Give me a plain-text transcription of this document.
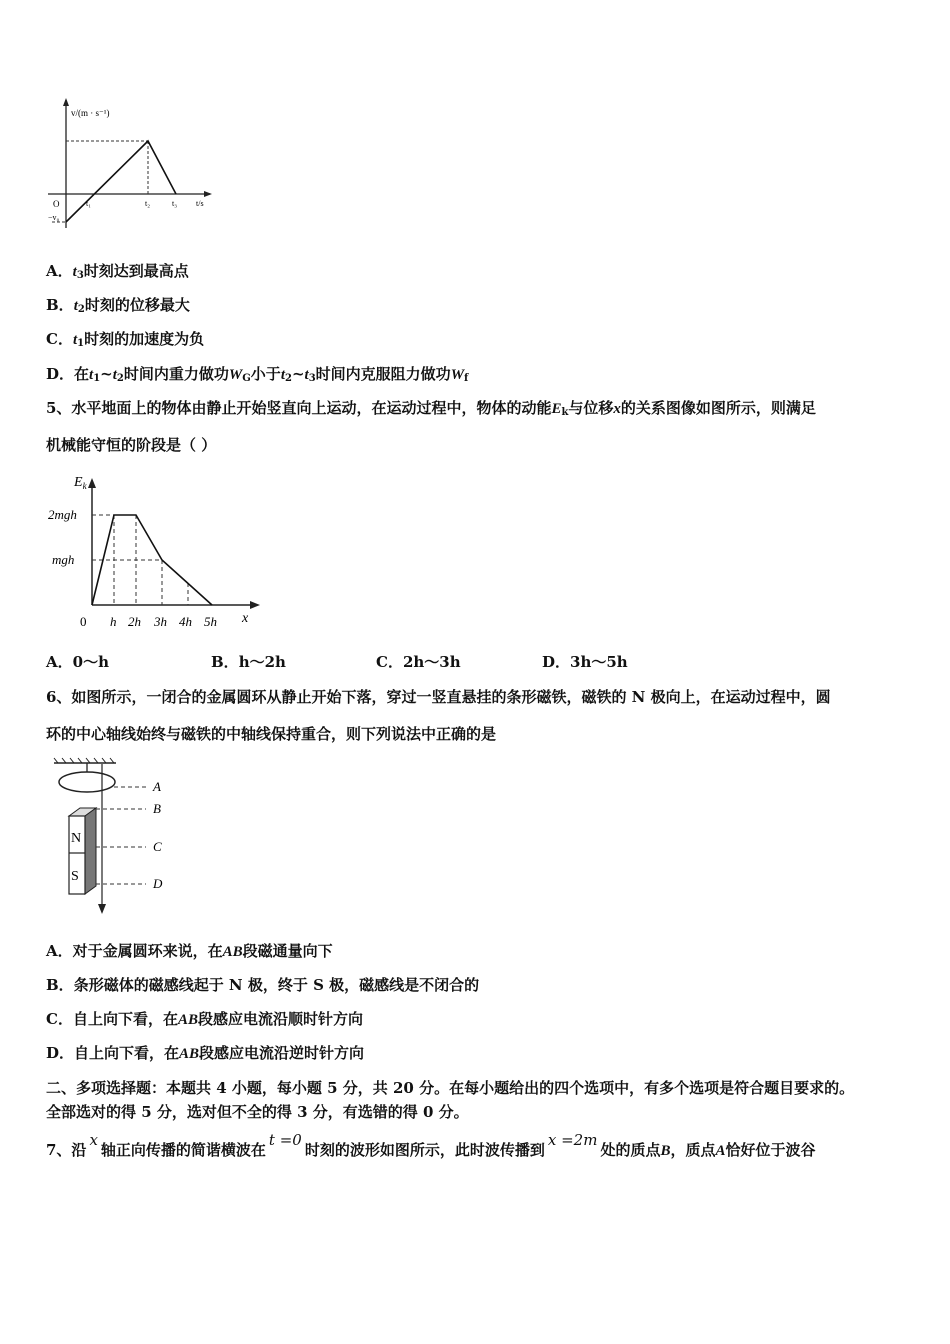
v/(m · s⁻¹)
O
−v₀
t₁	t₂	t₃ t/s
A．$t_3$时刻达到最高点
B．$t_2$时刻的位移最大
C．$t_1$时刻的加速度为负
D．在$t_1\sim t_2$时间内重力做功$W_G$小于$t_2\sim t_3$时间内克服阻力做功$W_f$
5、水平地面上的物体由静止开始竖直向上运动，在运动过程中，物体的动能$E_k$与位移x的关系图像如图所示，则满足
机械能守恒的阶段是（ ）
$E_k$
2mgh
mgh
0 h 2h 3h 4h 5h x
A．0～h	B．h～2h	C．2h～3h	D．3h～5h
6、如图所示，一闭合的金属圆环从静止开始下落，穿过一竖直悬挂的条形磁铁，磁铁的 N 极向上，在运动过程中，圆
环的中心轴线始终与磁铁的中轴线保持重合，则下列说法中正确的是
N
S
A
B
C
D
A．对于金属圆环来说，在AB段磁通量向下
B．条形磁体的磁感线起于 N 极，终于 S 极，磁感线是不闭合的
C．自上向下看，在AB段感应电流沿顺时针方向
D．自上向下看，在AB段感应电流沿逆时针方向
二、多项选择题：本题共 4 小题，每小题 5 分，共 20 分。在每小题给出的四个选项中，有多个选项是符合题目要求的。
全部选对的得 5 分，选对但不全的得 3 分，有选错的得 0 分。
7、沿x轴正向传播的简谐横波在t =0时刻的波形如图所示，此时波传播到x =2m处的质点B，质点A恰好位于波谷
